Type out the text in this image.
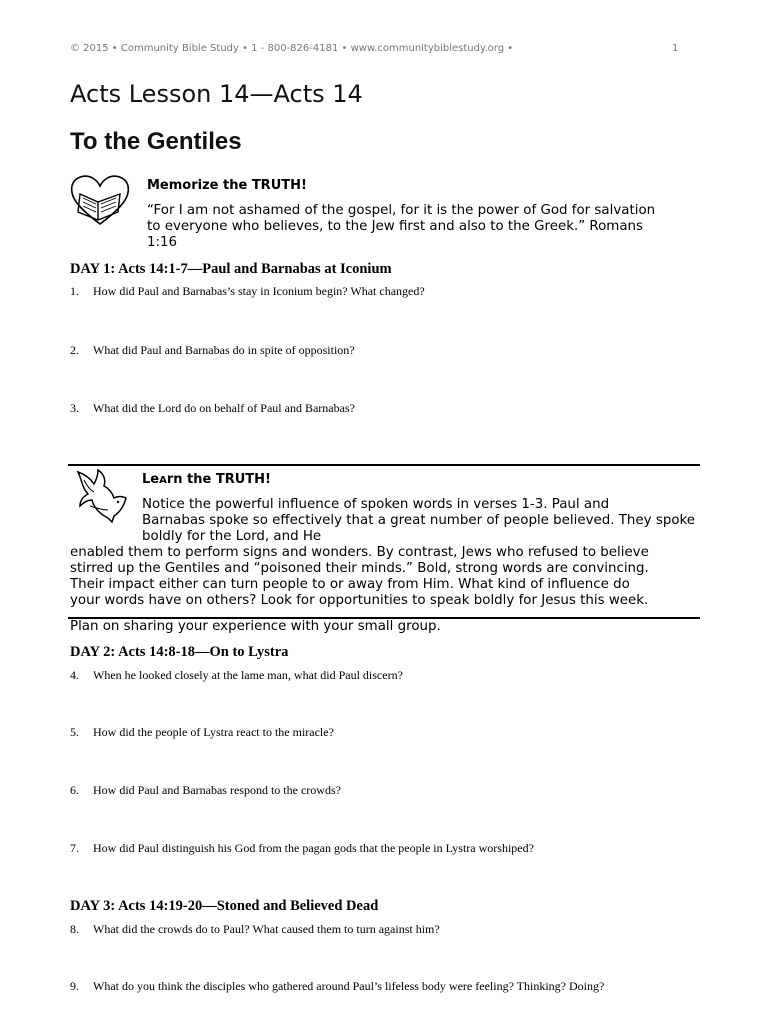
© 2015 • Community Bible Study • 1 - 800-826-4181 • www.communitybiblestudy.org •	1
Acts Lesson 14—Acts 14
To the Gentiles
Memorize the TRUTH!
“For I am not ashamed of the gospel, for it is the power of God for salvation
to everyone who believes, to the Jew first and also to the Greek.” Romans
1:16
DAY 1: Acts 14:1-7—Paul and Barnabas at Iconium
1. How did Paul and Barnabas’s stay in Iconium begin? What changed?
2. What did Paul and Barnabas do in spite of opposition?
3. What did the Lord do on behalf of Paul and Barnabas?
LeArn the TRUTH!
Notice the powerful influence of spoken words in verses 1-3. Paul and
Barnabas spoke so effectively that a great number of people believed. They spoke
boldly for the Lord, and He
enabled them to perform signs and wonders. By contrast, Jews who refused to believe
stirred up the Gentiles and “poisoned their minds.” Bold, strong words are convincing.
Their impact either can turn people to or away from Him. What kind of influence do
your words have on others? Look for opportunities to speak boldly for Jesus this week.
Plan on sharing your experience with your small group.
DAY 2: Acts 14:8-18—On to Lystra
4. When he looked closely at the lame man, what did Paul discern?
5. How did the people of Lystra react to the miracle?
6. How did Paul and Barnabas respond to the crowds?
7. How did Paul distinguish his God from the pagan gods that the people in Lystra worshiped?
DAY 3: Acts 14:19-20—Stoned and Believed Dead
8. What did the crowds do to Paul? What caused them to turn against him?
9. What do you think the disciples who gathered around Paul’s lifeless body were feeling? Thinking? Doing?
